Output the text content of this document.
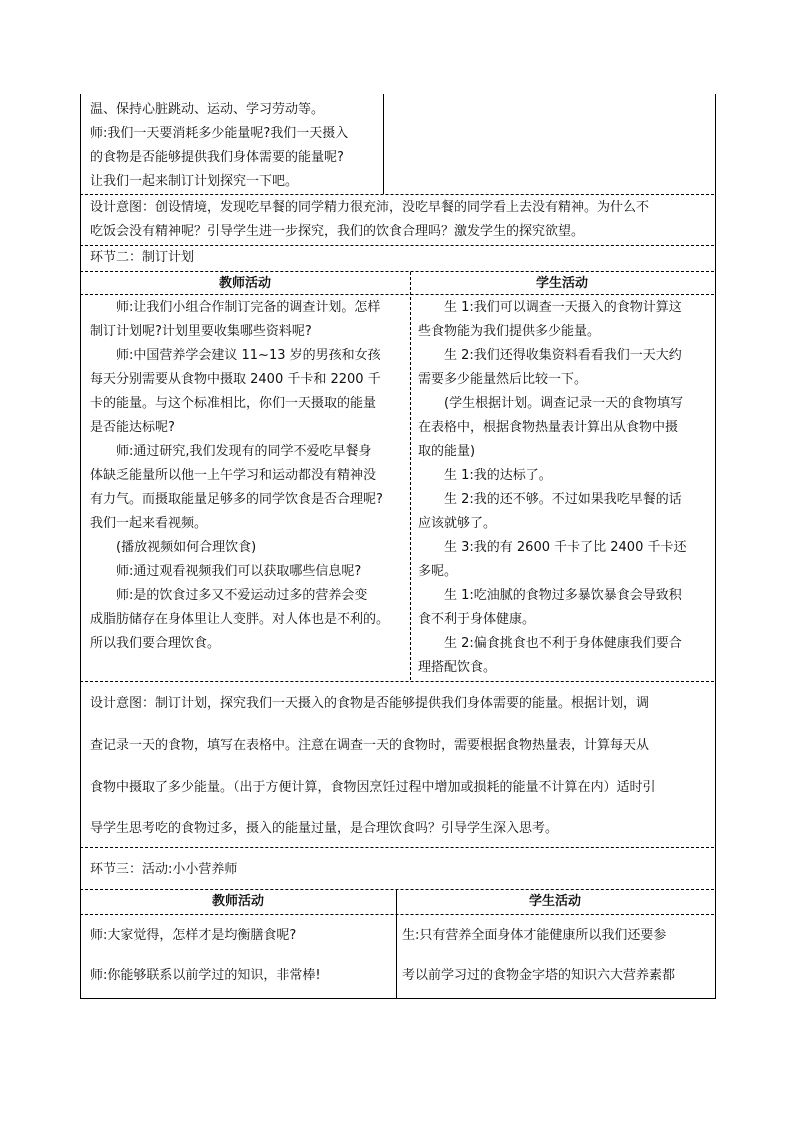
温、保持心脏跳动、运动、学习劳动等。
师:我们一天要消耗多少能量呢?我们一天摄入
的食物是否能够提供我们身体需要的能量呢?
让我们一起来制订计划探究一下吧。
设计意图：创设情境，发现吃早餐的同学精力很充沛，没吃早餐的同学看上去没有精神。为什么不
吃饭会没有精神呢？引导学生进一步探究，我们的饮食合理吗？激发学生的探究欲望。
环节二：制订计划
教师活动	学生活动
　　师:让我们小组合作制订完备的调查计划。怎样
制订计划呢?计划里要收集哪些资料呢?
　　师:中国营养学会建议 11~13 岁的男孩和女孩
每天分别需要从食物中摄取 2400 千卡和 2200 千
卡的能量。与这个标准相比，你们一天摄取的能量
是否能达标呢?
　　师:通过研究,我们发现有的同学不爱吃早餐身
体缺乏能量所以他一上午学习和运动都没有精神没
有力气。而摄取能量足够多的同学饮食是否合理呢?
我们一起来看视频。
　　(播放视频如何合理饮食)
　　师:通过观看视频我们可以获取哪些信息呢?
　　师:是的饮食过多又不爱运动过多的营养会变
成脂肪储存在身体里让人变胖。对人体也是不利的。
所以我们要合理饮食。
　　生 1:我们可以调查一天摄入的食物计算这
些食物能为我们提供多少能量。
　　生 2:我们还得收集资料看看我们一天大约
需要多少能量然后比较一下。
　　(学生根据计划。调查记录一天的食物填写
在表格中，根据食物热量表计算出从食物中摄
取的能量)
　　生 1:我的达标了。
　　生 2:我的还不够。不过如果我吃早餐的话
应该就够了。
　　生 3:我的有 2600 千卡了比 2400 千卡还
多呢。
　　生 1:吃油腻的食物过多暴饮暴食会导致积
食不利于身体健康。
　　生 2:偏食挑食也不利于身体健康我们要合
理搭配饮食。
设计意图：制订计划，探究我们一天摄入的食物是否能够提供我们身体需要的能量。根据计划，调
查记录一天的食物，填写在表格中。注意在调查一天的食物时，需要根据食物热量表，计算每天从
食物中摄取了多少能量。（出于方便计算，食物因烹饪过程中增加或损耗的能量不计算在内）适时引
导学生思考吃的食物过多，摄入的能量过量，是合理饮食吗？引导学生深入思考。
环节三：活动:小小营养师
教师活动	学生活动
师:大家觉得，怎样才是均衡膳食呢?
师:你能够联系以前学过的知识，非常棒!
生:只有营养全面身体才能健康所以我们还要参
考以前学习过的食物金字塔的知识六大营养素都
